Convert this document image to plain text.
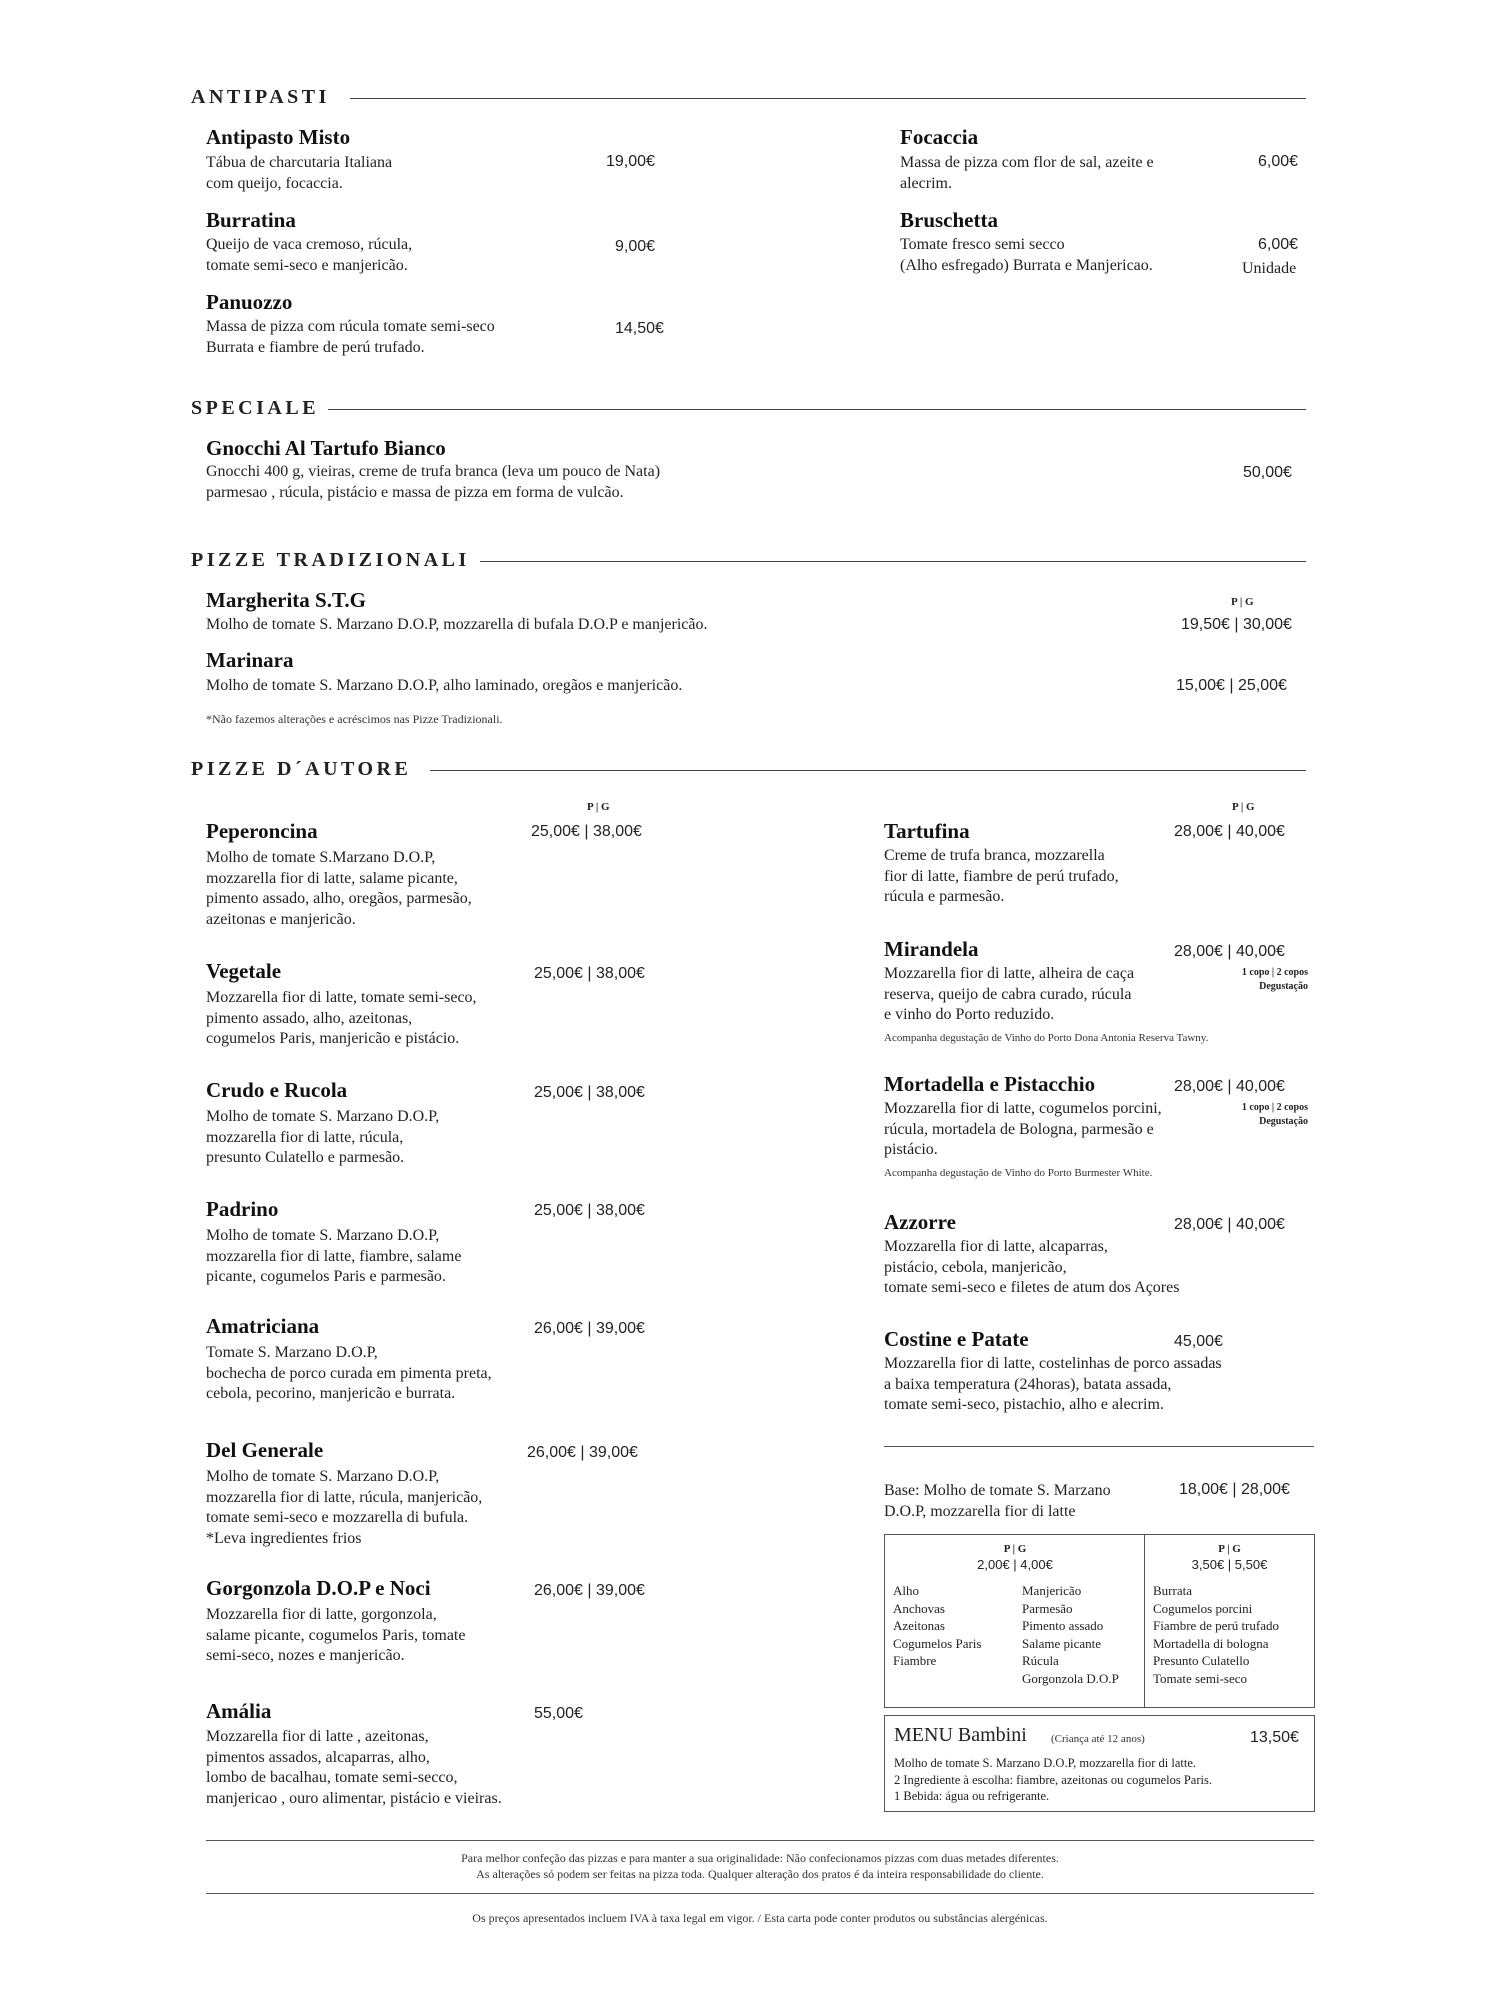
ANTIPASTI
Antipasto Misto
Tábua de charcutaria Italiana
com queijo, focaccia.
19,00€
Burratina
Queijo de vaca cremoso, rúcula,
tomate semi-seco e manjericão.
9,00€
Panuozzo
Massa de pizza com rúcula tomate semi-seco
Burrata e fiambre de perú trufado.
14,50€
Focaccia
Massa de pizza com flor de sal, azeite e
alecrim.
6,00€
Bruschetta
Tomate fresco semi secco
(Alho esfregado) Burrata e Manjericao.
6,00€
Unidade
SPECIALE
Gnocchi Al Tartufo Bianco
Gnocchi 400 g, vieiras, creme de trufa branca (leva um pouco de Nata)
parmesao , rúcula, pistácio e massa de pizza em forma de vulcão.
50,00€
PIZZE TRADIZIONALI
P | G
Margherita S.T.G
Molho de tomate S. Marzano D.O.P, mozzarella di bufala D.O.P e manjericão.	19,50€ | 30,00€
Marinara
Molho de tomate S. Marzano D.O.P, alho laminado, oregãos e manjericão.	15,00€ | 25,00€
*Não fazemos alterações e acréscimos nas Pizze Tradizionali.
PIZZE D´AUTORE
P | G	P | G
Peperoncina	25,00€ | 38,00€
Molho de tomate S.Marzano D.O.P,
mozzarella fior di latte, salame picante,
pimento assado, alho, oregãos, parmesão,
azeitonas e manjericão.
Vegetale	25,00€ | 38,00€
Mozzarella fior di latte, tomate semi-seco,
pimento assado, alho, azeitonas,
cogumelos Paris, manjericão e pistácio.
Crudo e Rucola	25,00€ | 38,00€
Molho de tomate S. Marzano D.O.P,
mozzarella fior di latte, rúcula,
presunto Culatello e parmesão.
Padrino	25,00€ | 38,00€
Molho de tomate S. Marzano D.O.P,
mozzarella fior di latte, fiambre, salame
picante, cogumelos Paris e parmesão.
Amatriciana	26,00€ | 39,00€
Tomate S. Marzano D.O.P,
bochecha de porco curada em pimenta preta,
cebola, pecorino, manjericão e burrata.
Del Generale	26,00€ | 39,00€
Molho de tomate S. Marzano D.O.P,
mozzarella fior di latte, rúcula, manjericão,
tomate semi-seco e mozzarella di bufula.
*Leva ingredientes frios
Gorgonzola D.O.P e Noci	26,00€ | 39,00€
Mozzarella fior di latte, gorgonzola,
salame picante, cogumelos Paris, tomate
semi-seco, nozes e manjericão.
Amália	55,00€
Mozzarella fior di latte , azeitonas,
pimentos assados, alcaparras, alho,
lombo de bacalhau, tomate semi-secco,
manjericao , ouro alimentar, pistácio e vieiras.
Tartufina	28,00€ | 40,00€
Creme de trufa branca, mozzarella
fior di latte, fiambre de perú trufado,
rúcula e parmesão.
Mirandela	28,00€ | 40,00€
Mozzarella fior di latte, alheira de caça
reserva, queijo de cabra curado, rúcula
e vinho do Porto reduzido.
1 copo | 2 copos
Degustação
Acompanha degustação de Vinho do Porto Dona Antonia Reserva Tawny.
Mortadella e Pistacchio	28,00€ | 40,00€
Mozzarella fior di latte, cogumelos porcini,
rúcula, mortadela de Bologna, parmesão e
pistácio.
1 copo | 2 copos
Degustação
Acompanha degustação de Vinho do Porto Burmester White.
Azzorre	28,00€ | 40,00€
Mozzarella fior di latte, alcaparras,
pistácio, cebola, manjericão,
tomate semi-seco e filetes de atum dos Açores
Costine e Patate	45,00€
Mozzarella fior di latte, costelinhas de porco assadas
a baixa temperatura (24horas), batata assada,
tomate semi-seco, pistachio, alho e alecrim.
Base: Molho de tomate S. Marzano
D.O.P, mozzarella fior di latte
18,00€ | 28,00€
P | G
2,00€ | 4,00€
Alho
Anchovas
Azeitonas
Cogumelos Paris
Fiambre
Manjericão
Parmesão
Pimento assado
Salame picante
Rúcula
Gorgonzola D.O.P
P | G
3,50€ | 5,50€
Burrata
Cogumelos porcini
Fiambre de perú trufado
Mortadella di bologna
Presunto Culatello
Tomate semi-seco
MENU Bambini (Criança até 12 anos)	13,50€
Molho de tomate S. Marzano D.O.P, mozzarella fior di latte.
2 Ingrediente à escolha: fiambre, azeitonas ou cogumelos Paris.
1 Bebida: água ou refrigerante.
Para melhor confeção das pizzas e para manter a sua originalidade: Não confecionamos pizzas com duas metades diferentes.
As alterações só podem ser feitas na pizza toda. Qualquer alteração dos pratos é da inteira responsabilidade do cliente.
Os preços apresentados incluem IVA à taxa legal em vigor. / Esta carta pode conter produtos ou substâncias alergénicas.
